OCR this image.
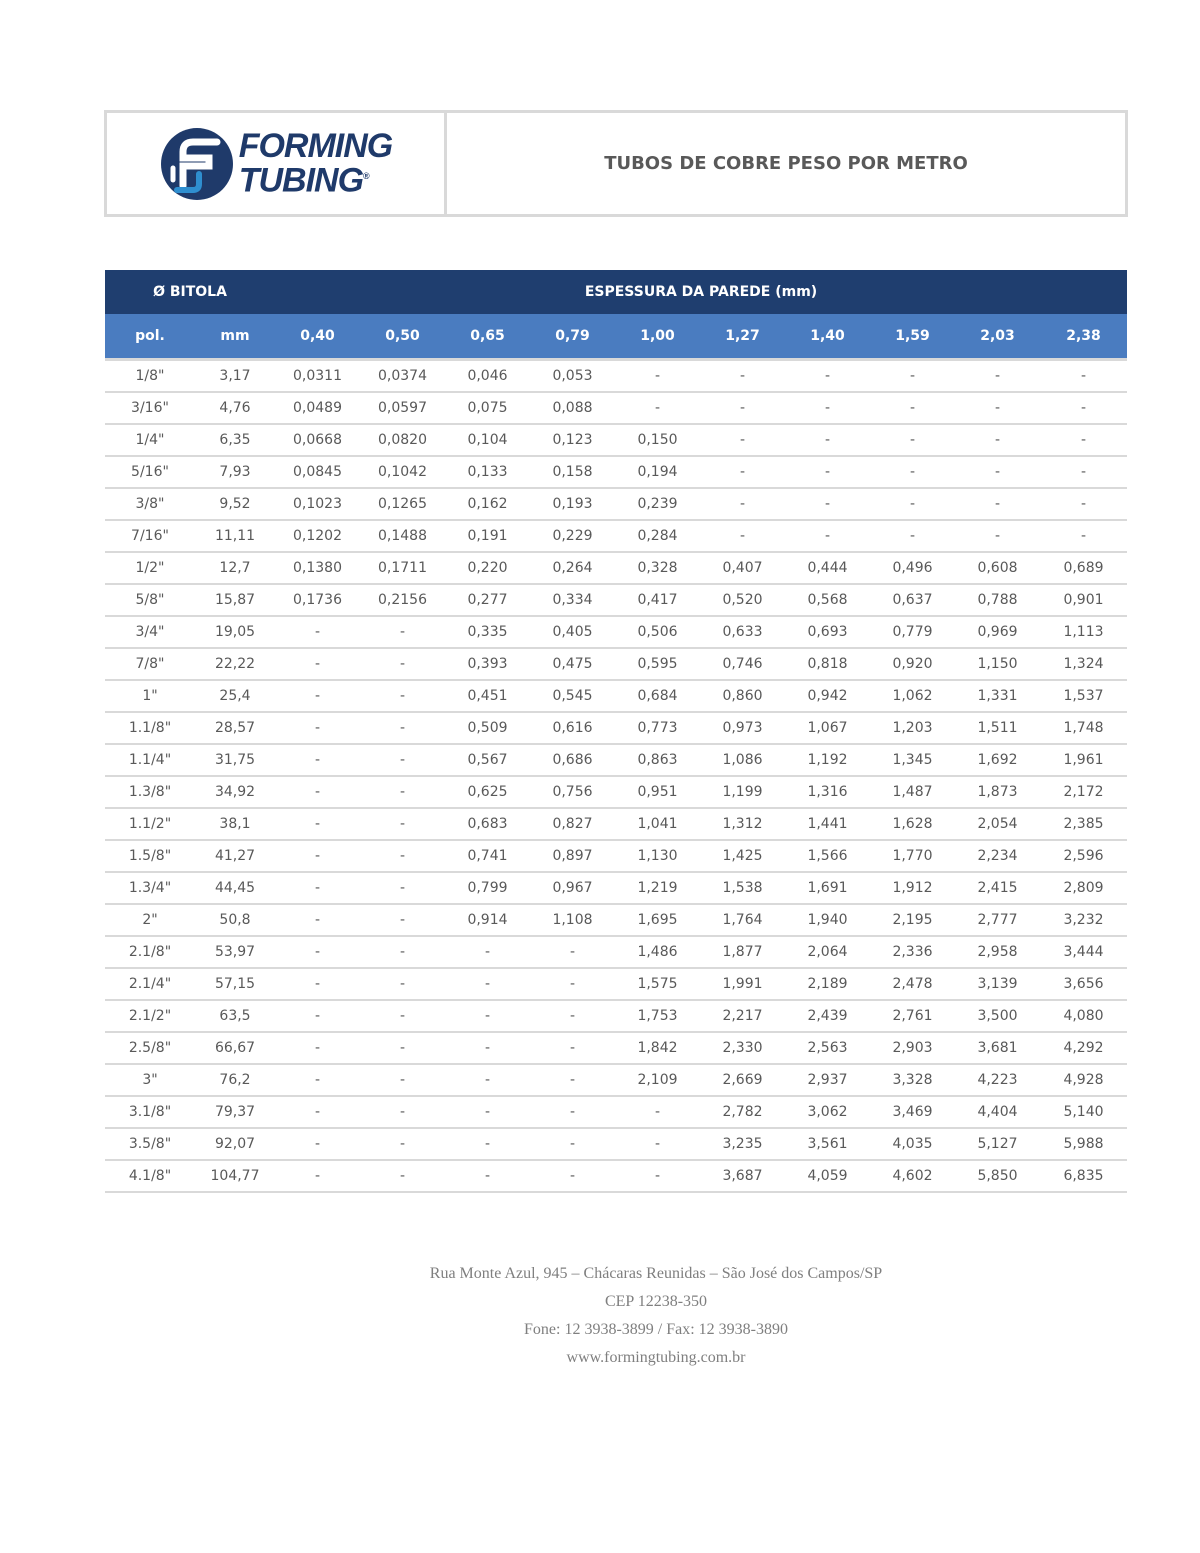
FORMING
TUBING®
TUBOS DE COBRE PESO POR METRO
Ø BITOLA		ESPESSURA DA PAREDE (mm)									
pol.	mm	0,40	0,50	0,65	0,79	1,00	1,27	1,40	1,59	2,03	2,38
1/8"	3,17	0,0311	0,0374	0,046	0,053	-	-	-	-	-	-
3/16"	4,76	0,0489	0,0597	0,075	0,088	-	-	-	-	-	-
1/4"	6,35	0,0668	0,0820	0,104	0,123	0,150	-	-	-	-	-
5/16"	7,93	0,0845	0,1042	0,133	0,158	0,194	-	-	-	-	-
3/8"	9,52	0,1023	0,1265	0,162	0,193	0,239	-	-	-	-	-
7/16"	11,11	0,1202	0,1488	0,191	0,229	0,284	-	-	-	-	-
1/2"	12,7	0,1380	0,1711	0,220	0,264	0,328	0,407	0,444	0,496	0,608	0,689
5/8"	15,87	0,1736	0,2156	0,277	0,334	0,417	0,520	0,568	0,637	0,788	0,901
3/4"	19,05	-	-	0,335	0,405	0,506	0,633	0,693	0,779	0,969	1,113
7/8"	22,22	-	-	0,393	0,475	0,595	0,746	0,818	0,920	1,150	1,324
1"	25,4	-	-	0,451	0,545	0,684	0,860	0,942	1,062	1,331	1,537
1.1/8"	28,57	-	-	0,509	0,616	0,773	0,973	1,067	1,203	1,511	1,748
1.1/4"	31,75	-	-	0,567	0,686	0,863	1,086	1,192	1,345	1,692	1,961
1.3/8"	34,92	-	-	0,625	0,756	0,951	1,199	1,316	1,487	1,873	2,172
1.1/2"	38,1	-	-	0,683	0,827	1,041	1,312	1,441	1,628	2,054	2,385
1.5/8"	41,27	-	-	0,741	0,897	1,130	1,425	1,566	1,770	2,234	2,596
1.3/4"	44,45	-	-	0,799	0,967	1,219	1,538	1,691	1,912	2,415	2,809
2"	50,8	-	-	0,914	1,108	1,695	1,764	1,940	2,195	2,777	3,232
2.1/8"	53,97	-	-	-	-	1,486	1,877	2,064	2,336	2,958	3,444
2.1/4"	57,15	-	-	-	-	1,575	1,991	2,189	2,478	3,139	3,656
2.1/2"	63,5	-	-	-	-	1,753	2,217	2,439	2,761	3,500	4,080
2.5/8"	66,67	-	-	-	-	1,842	2,330	2,563	2,903	3,681	4,292
3"	76,2	-	-	-	-	2,109	2,669	2,937	3,328	4,223	4,928
3.1/8"	79,37	-	-	-	-	-	2,782	3,062	3,469	4,404	5,140
3.5/8"	92,07	-	-	-	-	-	3,235	3,561	4,035	5,127	5,988
4.1/8"	104,77	-	-	-	-	-	3,687	4,059	4,602	5,850	6,835
Rua Monte Azul, 945 – Chácaras Reunidas – São José dos Campos/SP
CEP 12238-350
Fone: 12 3938-3899 / Fax: 12 3938-3890
www.formingtubing.com.br
